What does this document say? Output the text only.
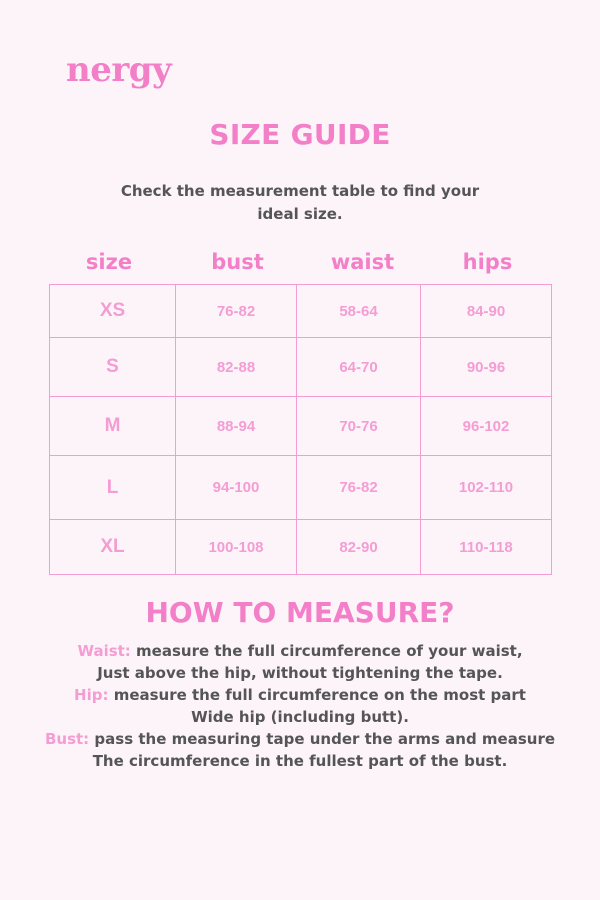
nergy
SIZE GUIDE
Check the measurement table to find your
ideal size.
size	bust	waist	hips
XS	76-82	58-64	84-90
S	82-88	64-70	90-96
M	88-94	70-76	96-102
L	94-100	76-82	102-110
XL	100-108	82-90	110-118
HOW TO MEASURE?
Waist: measure the full circumference of your waist,
Just above the hip, without tightening the tape.
Hip: measure the full circumference on the most part
Wide hip (including butt).
Bust: pass the measuring tape under the arms and measure
The circumference in the fullest part of the bust.
